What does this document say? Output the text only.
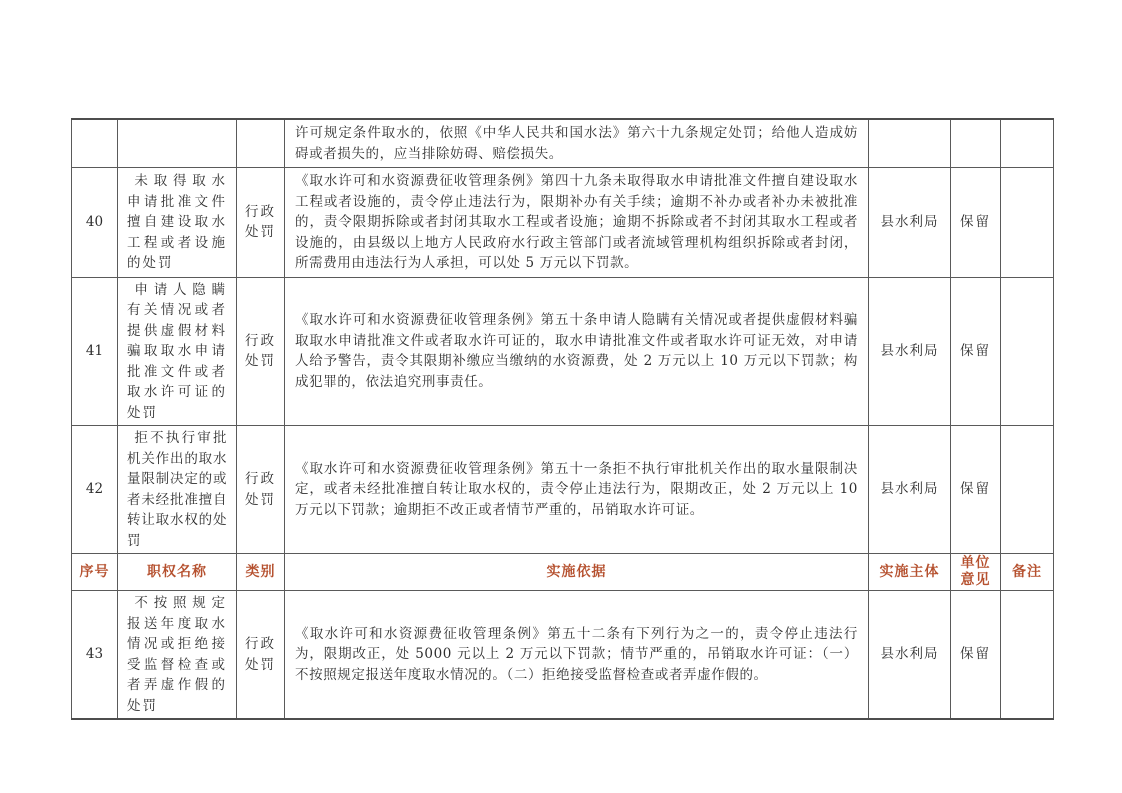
			许可规定条件取水的，依照《中华人民共和国水法》第六十九条规定处罚；给他人造成妨碍或者损失的，应当排除妨碍、赔偿损失。			
40	未取得取水申请批准文件擅自建设取水工程或者设施的处罚	行政处罚	《取水许可和水资源费征收管理条例》第四十九条未取得取水申请批准文件擅自建设取水工程或者设施的，责令停止违法行为，限期补办有关手续；逾期不补办或者补办未被批准的，责令限期拆除或者封闭其取水工程或者设施；逾期不拆除或者不封闭其取水工程或者设施的，由县级以上地方人民政府水行政主管部门或者流域管理机构组织拆除或者封闭，所需费用由违法行为人承担，可以处 5 万元以下罚款。	县水利局	保留	
41	申请人隐瞒有关情况或者提供虚假材料骗取取水申请批准文件或者取水许可证的处罚	行政处罚	《取水许可和水资源费征收管理条例》第五十条申请人隐瞒有关情况或者提供虚假材料骗取取水申请批准文件或者取水许可证的，取水申请批准文件或者取水许可证无效，对申请人给予警告，责令其限期补缴应当缴纳的水资源费，处 2 万元以上 10 万元以下罚款；构成犯罪的，依法追究刑事责任。	县水利局	保留	
42	拒不执行审批机关作出的取水量限制决定的或者未经批准擅自转让取水权的处罚	行政处罚	《取水许可和水资源费征收管理条例》第五十一条拒不执行审批机关作出的取水量限制决定，或者未经批准擅自转让取水权的，责令停止违法行为，限期改正，处 2 万元以上 10 万元以下罚款；逾期拒不改正或者情节严重的，吊销取水许可证。	县水利局	保留	
序号	职权名称	类别	实施依据	实施主体	单位意见	备注
43	不按照规定报送年度取水情况或拒绝接受监督检查或者弄虚作假的处罚	行政处罚	《取水许可和水资源费征收管理条例》第五十二条有下列行为之一的，责令停止违法行为，限期改正，处 5000 元以上 2 万元以下罚款；情节严重的，吊销取水许可证：（一）不按照规定报送年度取水情况的。（二）拒绝接受监督检查或者弄虚作假的。	县水利局	保留	
